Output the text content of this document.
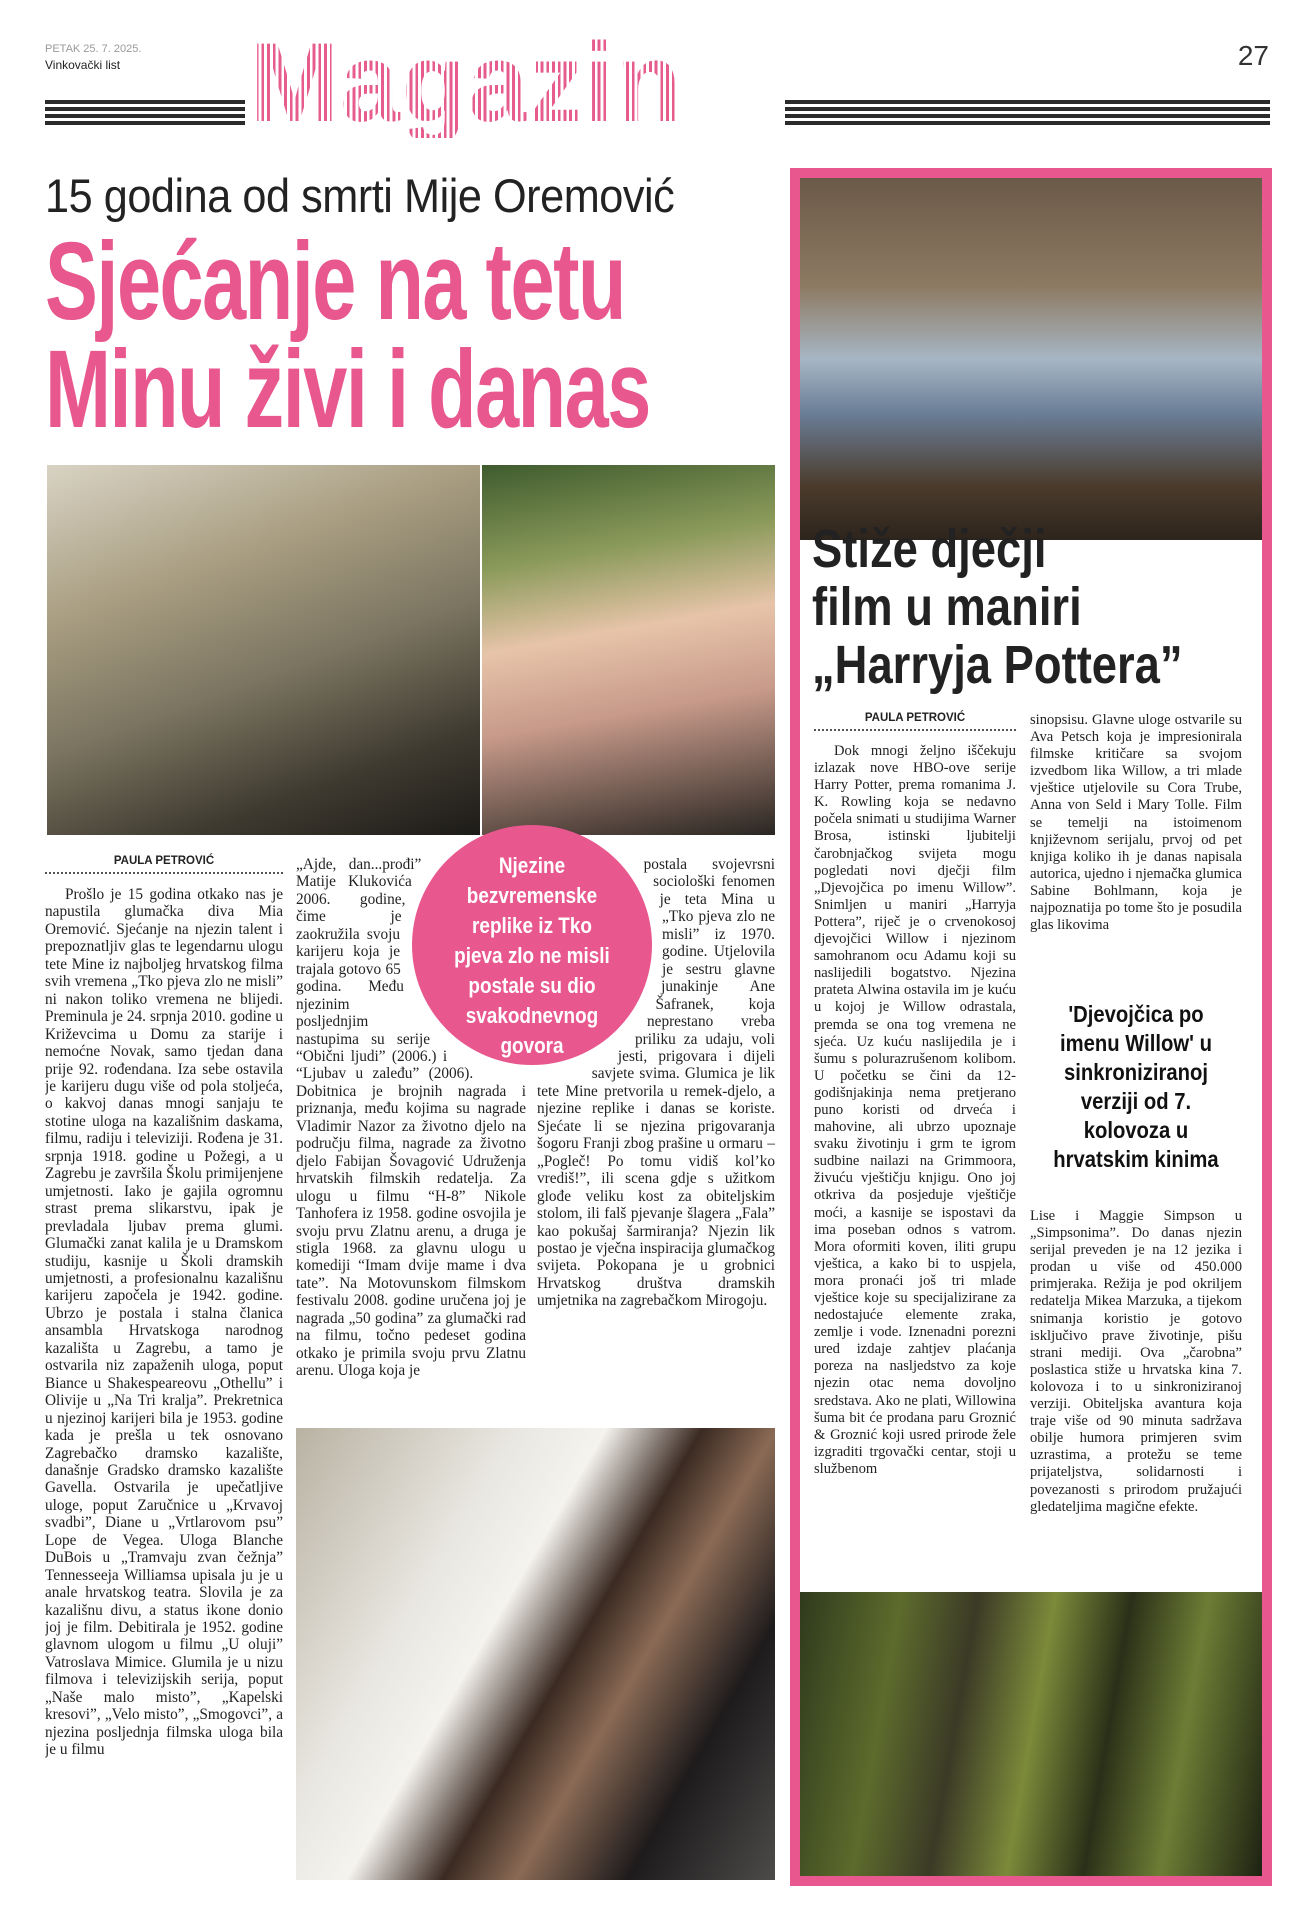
PETAK 25. 7. 2025.
Vinkovački list Magazin	27
15 godina od smrti Mije Oremović
Sjećanje na tetu
Minu živi i danas
PAULA PETROVIĆ

Prošlo je 15 godina otkako nas je napustila glumačka diva Mia Oremović. Sjećanje na njezin talent i prepoznatljiv glas te legendarnu ulogu tete Mine iz najboljeg hrvatskog filma svih vremena „Tko pjeva zlo ne misli” ni nakon toliko vremena ne blijedi. Preminula je 24. srpnja 2010. godine u Križevcima u Domu za starije i nemoćne Novak, samo tjedan dana prije 92. rođendana. Iza sebe ostavila je karijeru dugu više od pola stoljeća, o kakvoj danas mnogi sanjaju te stotine uloga na kazališnim daskama, filmu, radiju i televiziji. Rođena je 31. srpnja 1918. godine u Požegi, a u Zagrebu je završila Školu primijenjene umjetnosti. Iako je gajila ogromnu strast prema slikarstvu, ipak je prevladala ljubav prema glumi. Glumački zanat kalila je u Dramskom studiju, kasnije u Školi dramskih umjetnosti, a profesionalnu kazališnu karijeru započela je 1942. godine. Ubrzo je postala i stalna članica ansambla Hrvatskoga narodnog kazališta u Zagrebu, a tamo je ostvarila niz zapaženih uloga, poput Biance u Shakespeareovu „Othellu” i Olivije u „Na Tri kralja”. Prekretnica u njezinoj karijeri bila je 1953. godine kada je prešla u tek osnovano Zagrebačko dramsko kazalište, današnje Gradsko dramsko kazalište Gavella. Ostvarila je upečatljive uloge, poput Zaručnice u „Krvavoj svadbi”, Diane u „Vrtlarovom psu” Lope de Vegea. Uloga Blanche DuBois u „Tramvaju zvan čežnja” Tennesseeja Williamsa upisala ju je u anale hrvatskog teatra. Slovila je za kazališnu divu, a status ikone donio joj je film. Debitirala je 1952. godine glavnom ulogom u filmu „U oluji” Vatroslava Mimice. Glumila je u nizu filmova i televizijskih serija, poput „Naše malo misto”, „Kapelski kresovi”, „Velo misto”, „Smogovci”, a njezina posljednja filmska uloga bila je u filmu

„Ajde, dan...prođi” Matije Klukovića 2006. godine, čime je zaokružila svoju karijeru koja je trajala gotovo 65 godina. Među njezinim posljednjim nastupima su serije “Obični ljudi” (2006.) i “Ljubav u zaleđu” (2006). Dobitnica je brojnih nagrada i priznanja, među kojima su nagrade Vladimir Nazor za životno djelo na području filma, nagrade za životno djelo Fabijan Šovagović Udruženja hrvatskih filmskih redatelja. Za ulogu u filmu “H-8” Nikole Tanhofera iz 1958. godine osvojila je svoju prvu Zlatnu arenu, a druga je stigla 1968. za glavnu ulogu u komediji “Imam dvije mame i dva tate”. Na Motovunskom filmskom festivalu 2008. godine uručena joj je nagrada „50 godina” za glumački rad na filmu, točno pedeset godina otkako je primila svoju prvu Zlatnu arenu. Uloga koja je

postala svojevrsni sociološki fenomen je teta Mina u „Tko pjeva zlo ne misli” iz 1970. godine. Utjelovila je sestru glavne junakinje Ane Šafranek, koja neprestano vreba priliku za udaju, voli jesti, prigovara i dijeli savjete svima. Glumica je lik tete Mine pretvorila u remek-djelo, a njezine replike i danas se koriste. Sjećate li se njezina prigovaranja šogoru Franji zbog prašine u ormaru – „Pogleč! Po tomu vidiš kol’ko vrediš!”, ili scena gdje s užitkom glođe veliku kost za obiteljskim stolom, ili falš pjevanje šlagera „Fala” kao pokušaj šarmiranja? Njezin lik postao je vječna inspiracija glumačkog svijeta. Pokopana je u grobnici Hrvatskog društva dramskih umjetnika na zagrebačkom Mirogoju.

Njezine bezvremenske replike iz Tko pjeva zlo ne misli postale su dio svakodnevnog govora
Stiže dječji
film u maniri
„Harryja Pottera”
PAULA PETROVIĆ

Dok mnogi željno iščekuju izlazak nove HBO-ove serije Harry Potter, prema romanima J. K. Rowling koja se nedavno počela snimati u studijima Warner Brosa, istinski ljubitelji čarobnjačkog svijeta mogu pogledati novi dječji film „Djevojčica po imenu Willow”. Snimljen u maniri „Harryja Pottera”, riječ je o crvenokosoj djevojčici Willow i njezinom samohranom ocu Adamu koji su naslijedili bogatstvo. Njezina prateta Alwina ostavila im je kuću u kojoj je Willow odrastala, premda se ona tog vremena ne sjeća. Uz kuću naslijedila je i šumu s polurazrušenom kolibom. U početku se čini da 12-godišnjakinja nema pretjerano puno koristi od drveća i mahovine, ali ubrzo upoznaje svaku životinju i grm te igrom sudbine nailazi na Grimmoora, živuću vještičju knjigu. Ono joj otkriva da posjeduje vještičje moći, a kasnije se ispostavi da ima poseban odnos s vatrom. Mora oformiti koven, iliti grupu vještica, a kako bi to uspjela, mora pronaći još tri mlade vještice koje su specijalizirane za nedostajuće elemente zraka, zemlje i vode. Iznenadni porezni ured izdaje zahtjev plaćanja poreza na nasljedstvo za koje njezin otac nema dovoljno sredstava. Ako ne plati, Willowina šuma bit će prodana paru Groznić & Groznić koji usred prirode žele izgraditi trgovački centar, stoji u službenom

sinopsisu. Glavne uloge ostvarile su Ava Petsch koja je impresionirala filmske kritičare sa svojom izvedbom lika Willow, a tri mlade vještice utjelovile su Cora Trube, Anna von Seld i Mary Tolle. Film se temelji na istoimenom književnom serijalu, prvoj od pet knjiga koliko ih je danas napisala autorica, ujedno i njemačka glumica Sabine Bohlmann, koja je najpoznatija po tome što je posudila glas likovima

'Djevojčica po imenu Willow' u sinkroniziranoj verziji od 7. kolovoza u hrvatskim kinima

Lise i Maggie Simpson u „Simpsonima”. Do danas njezin serijal preveden je na 12 jezika i prodan u više od 450.000 primjeraka. Režija je pod okriljem redatelja Mikea Marzuka, a tijekom snimanja koristio je gotovo isključivo prave životinje, pišu strani mediji. Ova „čarobna” poslastica stiže u hrvatska kina 7. kolovoza i to u sinkroniziranoj verziji. Obiteljska avantura koja traje više od 90 minuta sadržava obilje humora primjeren svim uzrastima, a protežu se teme prijateljstva, solidarnosti i povezanosti s prirodom pružajući gledateljima magične efekte.
